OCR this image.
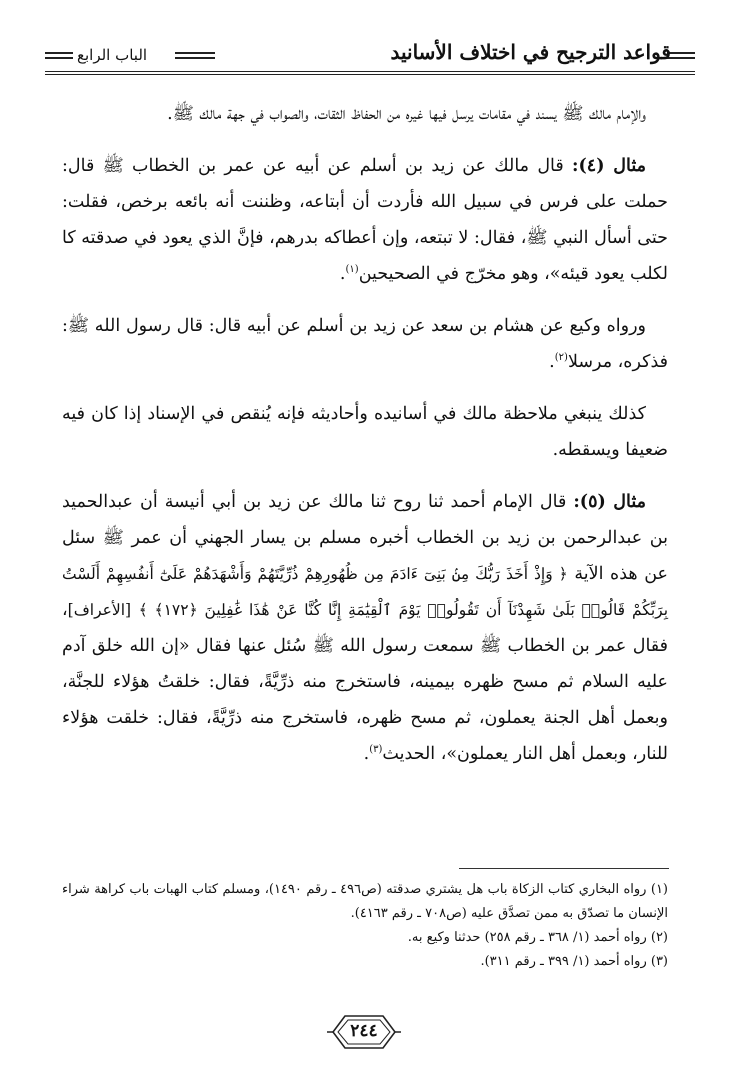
قواعد الترجيح في اختلاف الأسانيد
الباب الرابع

والإمام مالك ﷺ يسند في مقامات يرسل فيها غيره من الحفاظ الثقات، والصواب في جهة مالك ﷺ.

مثال (٤): قال مالك عن زيد بن أسلم عن أبيه عن عمر بن الخطاب ﷺ قال: حملت على فرس في سبيل الله فأردت أن أبتاعه، وظننت أنه بائعه برخص، فقلت: حتى أسأل النبي ﷺ، فقال: لا تبتعه، وإن أعطاكه بدرهم، فإنَّ الذي يعود في صدقته كا لكلب يعود قيئه»، وهو مخرّج في الصحيحين$^{(١)}$.

ورواه وكيع عن هشام بن سعد عن زيد بن أسلم عن أبيه قال: قال رسول الله ﷺ: فذكره، مرسلا$^{(٢)}$.

كذلك ينبغي ملاحظة مالك في أسانيده وأحاديثه فإنه يُنقص في الإسناد إذا كان فيه ضعيفا ويسقطه.

مثال (٥): قال الإمام أحمد ثنا روح ثنا مالك عن زيد بن أبي أنيسة أن عبدالحميد بن عبدالرحمن بن زيد بن الخطاب أخبره مسلم بن يسار الجهني أن عمر ﷺ سئل عن هذه الآية ﴿ وَإِذْ أَخَذَ رَبُّكَ مِنۢ بَنِىٓ ءَادَمَ مِن ظُهُورِهِمْ ذُرِّيَّتَهُمْ وَأَشْهَدَهُمْ عَلَىٰٓ أَنفُسِهِمْ أَلَسْتُ بِرَبِّكُمْ قَالُوا۟ بَلَىٰ شَهِدْنَآ أَن تَقُولُوا۟ يَوْمَ ٱلْقِيَٰمَةِ إِنَّا كُنَّا عَنْ هَٰذَا غَٰفِلِينَ ﴿١٧٢﴾ ﴾ [الأعراف]، فقال عمر بن الخطاب ﷺ سمعت رسول الله ﷺ سُئل عنها فقال «إن الله خلق آدم عليه السلام ثم مسح ظهره بيمينه، فاستخرج منه ذرِّيَّةً، فقال: خلقتُ هؤلاء للجنَّة، وبعمل أهل الجنة يعملون، ثم مسح ظهره، فاستخرج منه ذرِّيَّةً، فقال: خلقت هؤلاء للنار، وبعمل أهل النار يعملون»، الحديث$^{(٣)}$.

(١) رواه البخاري كتاب الزكاة باب هل يشتري صدقته (ص٤٩٦ ـ رقم ١٤٩٠)، ومسلم كتاب الهبات باب كراهة شراء الإنسان ما تصدّق به ممن تصدَّق عليه (ص٧٠٨ ـ رقم ٤١٦٣).

(٢) رواه أحمد (١/ ٣٦٨ ـ رقم ٢٥٨) حدثنا وكيع به.

(٣) رواه أحمد (١/ ٣٩٩ ـ رقم ٣١١).

٢٤٤
